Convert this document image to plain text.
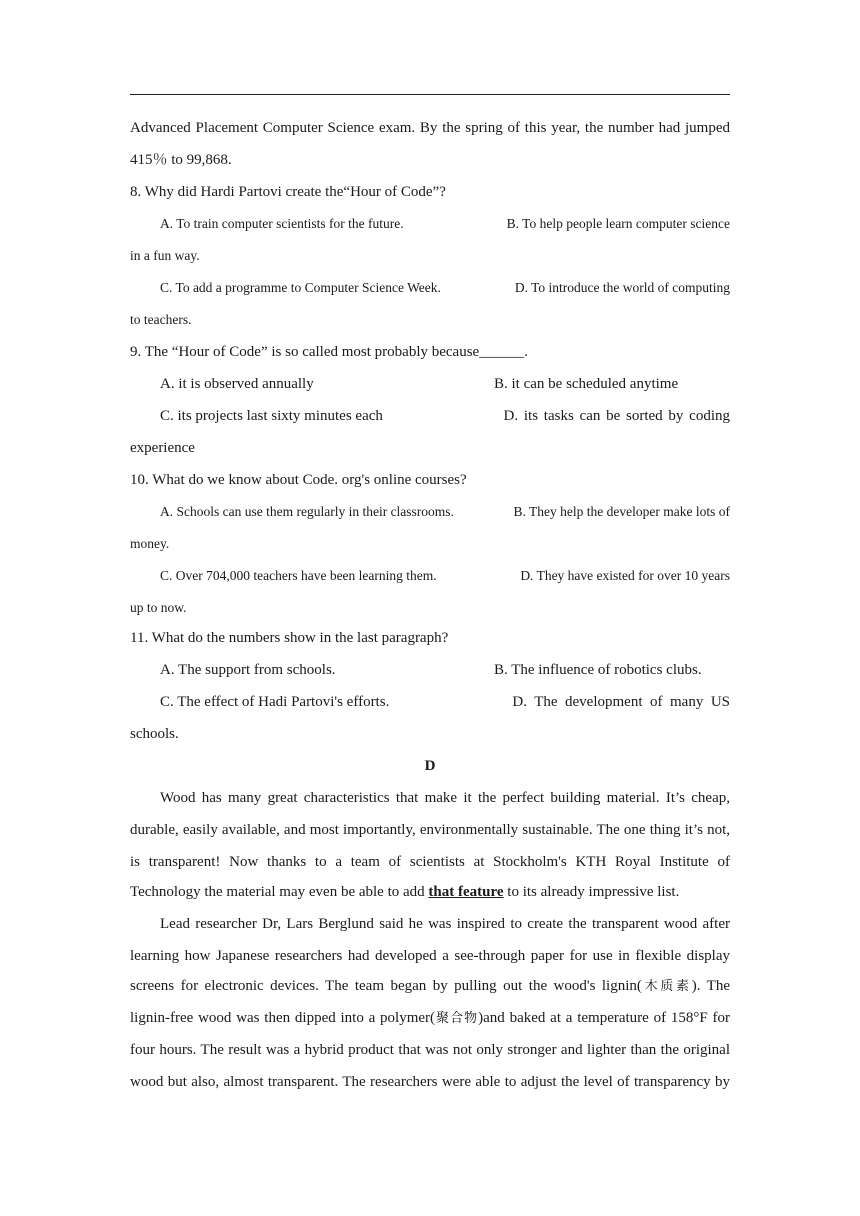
Advanced Placement Computer Science exam. By the spring of this year, the number had jumped
415％ to 99,868.
8. Why did Hardi Partovi create the“Hour of Code”?
A. To train computer scientists for the future.	B. To help people learn computer science
in a fun way.
C. To add a programme to Computer Science Week.	D. To introduce the world of computing
to teachers.
9. The “Hour of Code” is so called most probably because______.
A. it is observed annually	B. it can be scheduled anytime
C. its projects last sixty minutes each	D. its tasks can be sorted by coding
experience
10. What do we know about Code. org's online courses?
A. Schools can use them regularly in their classrooms.	B. They help the developer make lots of
money.
C. Over 704,000 teachers have been learning them.	D. They have existed for over 10 years
up to now.
11. What do the numbers show in the last paragraph?
A. The support from schools.	B. The influence of robotics clubs.
C. The effect of Hadi Partovi's efforts.	D.  The  development  of  many  US
schools.
D
Wood has many great characteristics that make it the perfect building material. It’s cheap,
durable, easily available, and most importantly, environmentally sustainable. The one thing it’s not,
is transparent! Now thanks to a team of scientists at Stockholm's KTH Royal Institute of
Technology the material may even be able to add that feature to its already impressive list.
Lead researcher Dr, Lars Berglund said he was inspired to create the transparent wood after
learning how Japanese researchers had developed a see-through paper for use in flexible display
screens for electronic devices. The team began by pulling out the wood's lignin(木质素). The
lignin-free wood was then dipped into a polymer(聚合物)and baked at a temperature of 158°F for
four hours. The result was a hybrid product that was not only stronger and lighter than the original
wood but also, almost transparent. The researchers were able to adjust the level of transparency by
